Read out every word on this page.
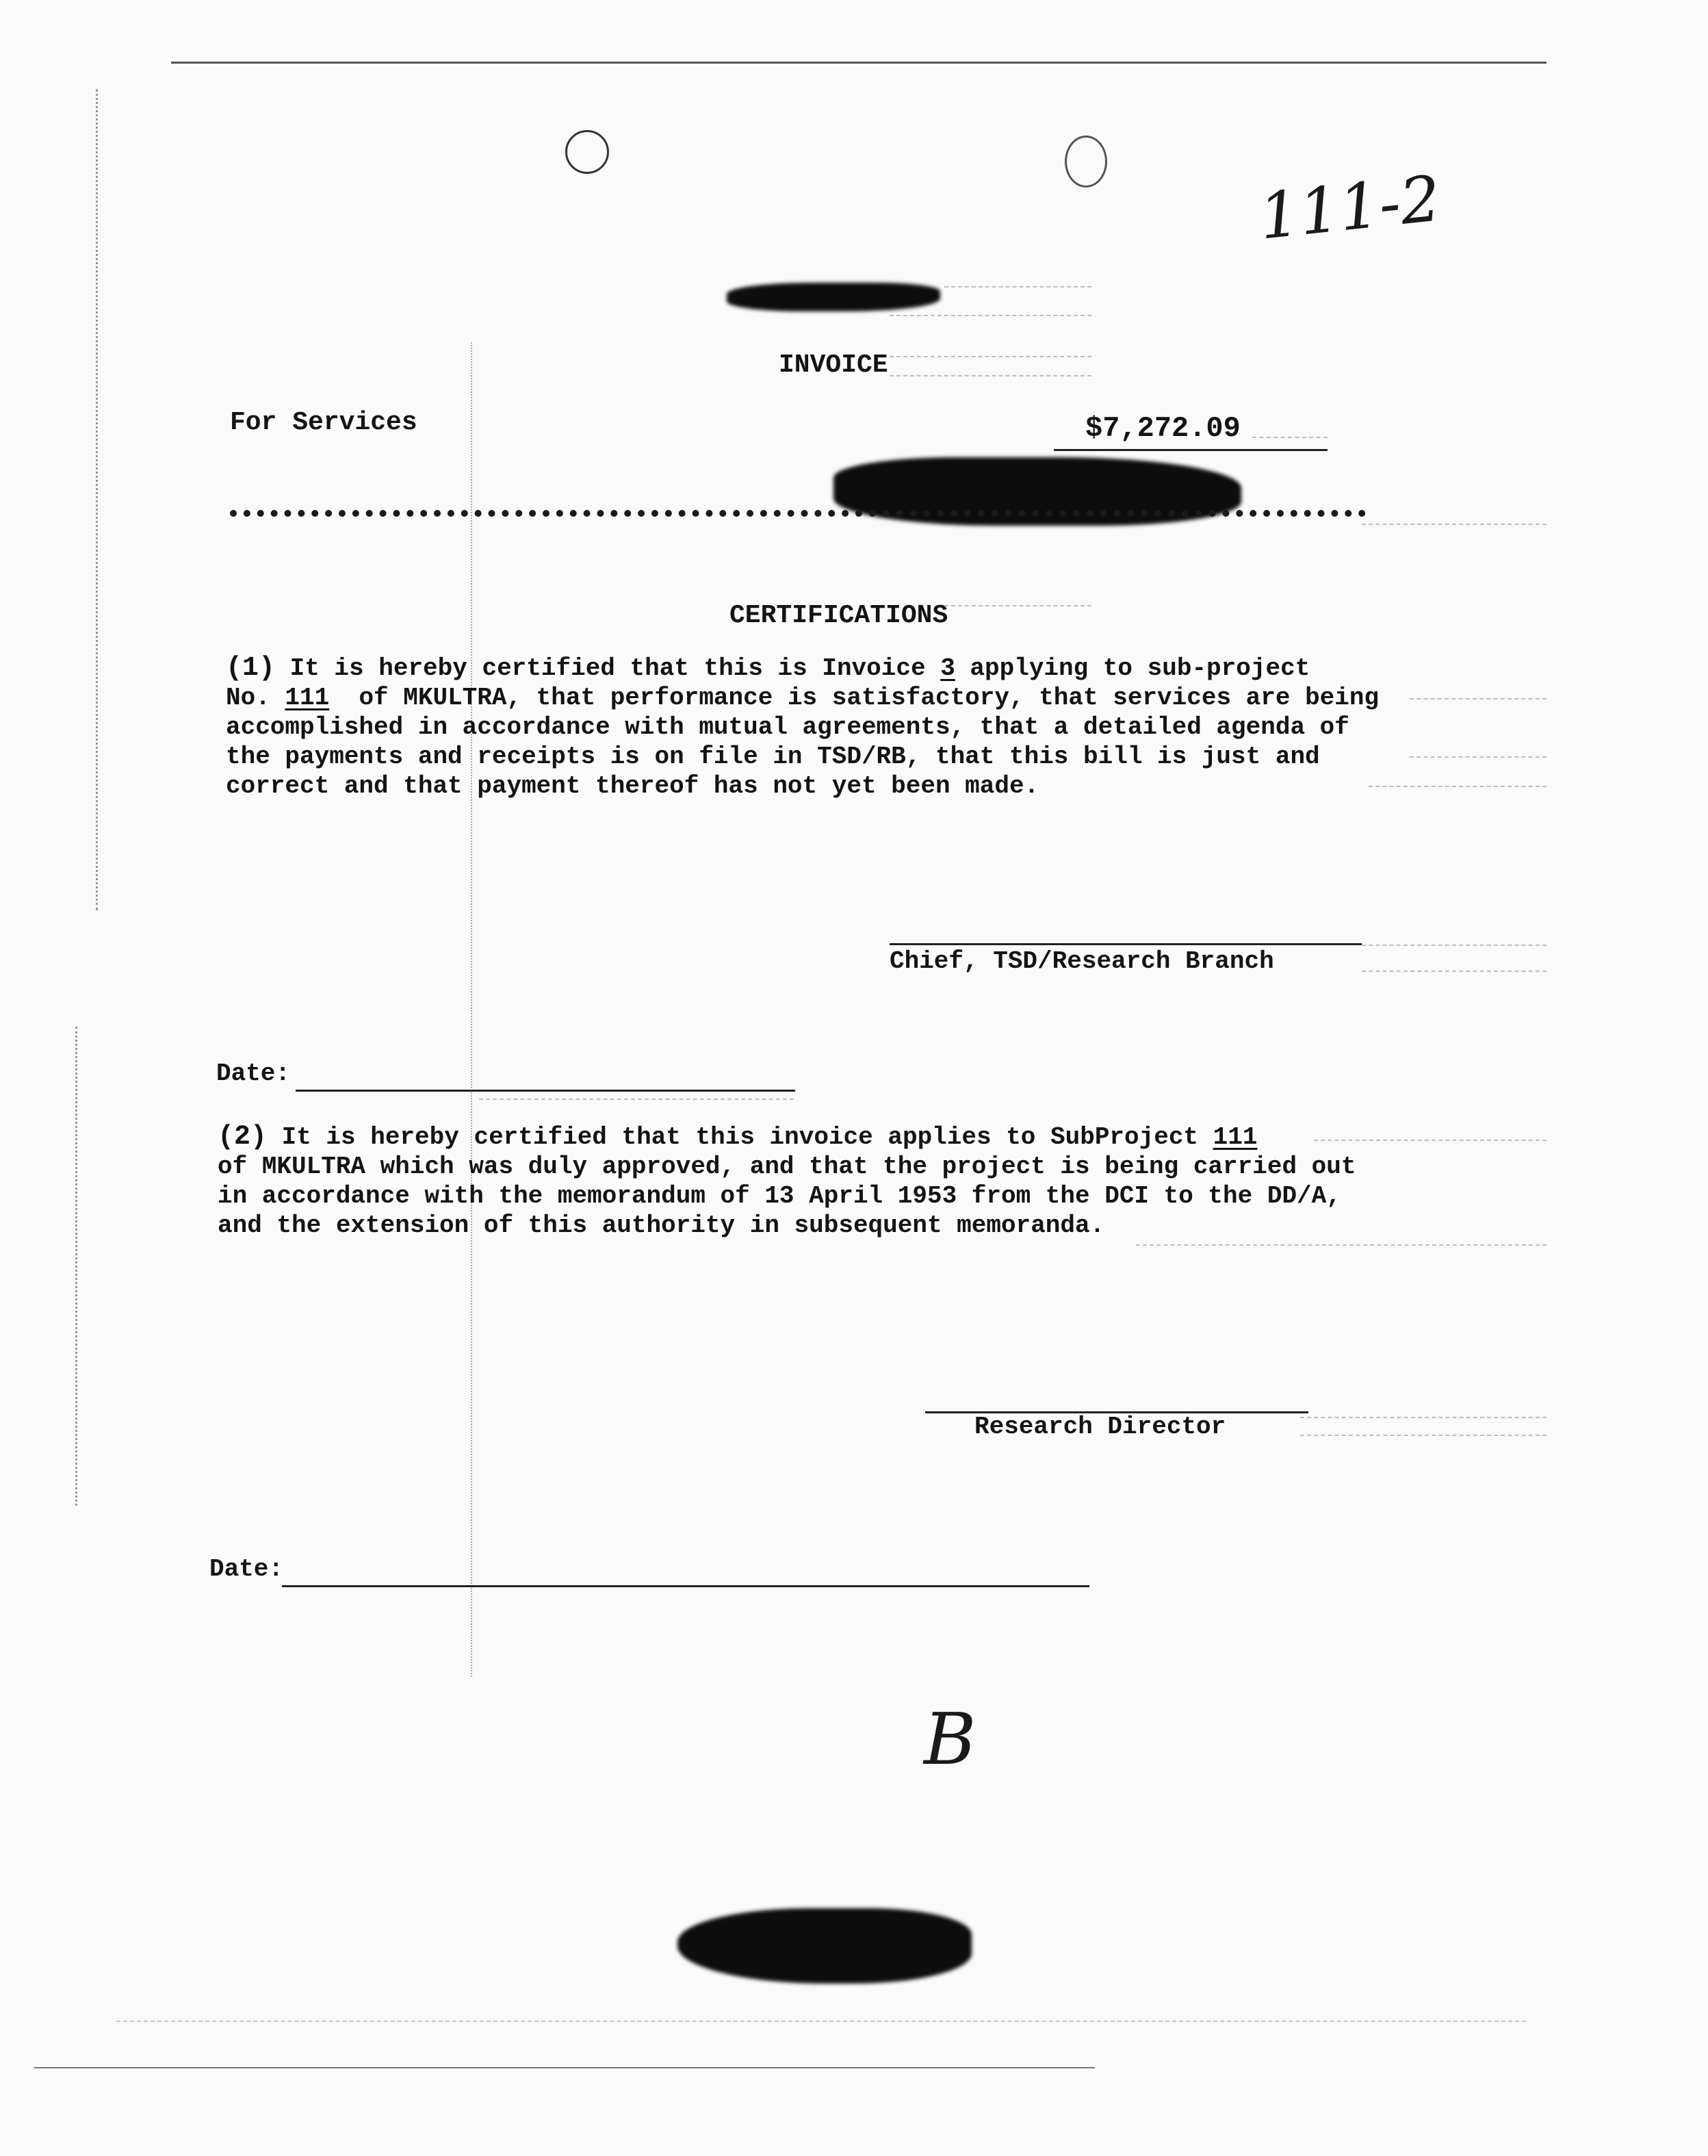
111-2
INVOICE
For Services	$7,272.09
CERTIFICATIONS
(1) It is hereby certified that this is Invoice 3 applying to sub-project
No. 111  of MKULTRA, that performance is satisfactory, that services are being
accomplished in accordance with mutual agreements, that a detailed agenda of
the payments and receipts is on file in TSD/RB, that this bill is just and
correct and that payment thereof has not yet been made.
Chief, TSD/Research Branch
Date:
(2) It is hereby certified that this invoice applies to SubProject 111
of MKULTRA which was duly approved, and that the project is being carried out
in accordance with the memorandum of 13 April 1953 from the DCI to the DD/A,
and the extension of this authority in subsequent memoranda.
Research Director
Date:
B
